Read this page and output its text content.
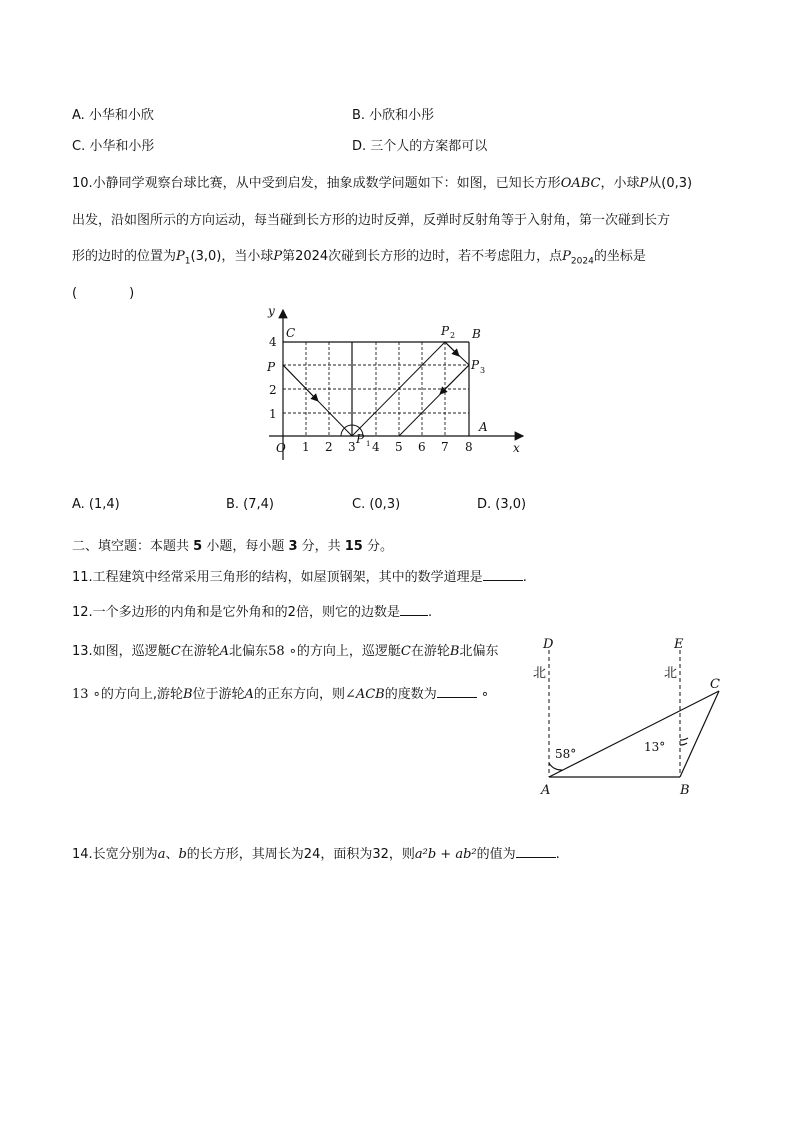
A. 小华和小欣	B. 小欣和小彤
C. 小华和小彤	D. 三个人的方案都可以
10.小静同学观察台球比赛，从中受到启发，抽象成数学问题如下：如图，已知长方形OABC，小球P从(0,3)
出发，沿如图所示的方向运动，每当碰到长方形的边时反弹，反弹时反射角等于入射角，第一次碰到长方
形的边时的位置为$P_1(3,0)$，当小球P第2024次碰到长方形的边时，若不考虑阻力，点$P_{2024}$的坐标是
(　　　　)
1 2 3 4 5 6 7 8
1
2
4
O	x
y
C	B
A
P
P 1
P 2
P 3
A. (1,4)	B. (7,4)	C. (0,3)	D. (3,0)
二、填空题：本题共 5 小题，每小题 3 分，共 15 分。
11.工程建筑中经常采用三角形的结构，如屋顶钢架，其中的数学道理是	.
12.一个多边形的内角和是它外角和的2倍，则它的边数是 .
13.如图，巡逻艇C在游轮A北偏东58 ∘的方向上，巡逻艇C在游轮B北偏东
13 ∘的方向上,游轮B位于游轮A的正东方向，则∠ACB的度数为	∘
D	E
北	北
C
A	B
58°	13°
14.长宽分别为a、b的长方形，其周长为24，面积为32，则a²b + ab²的值为	.
